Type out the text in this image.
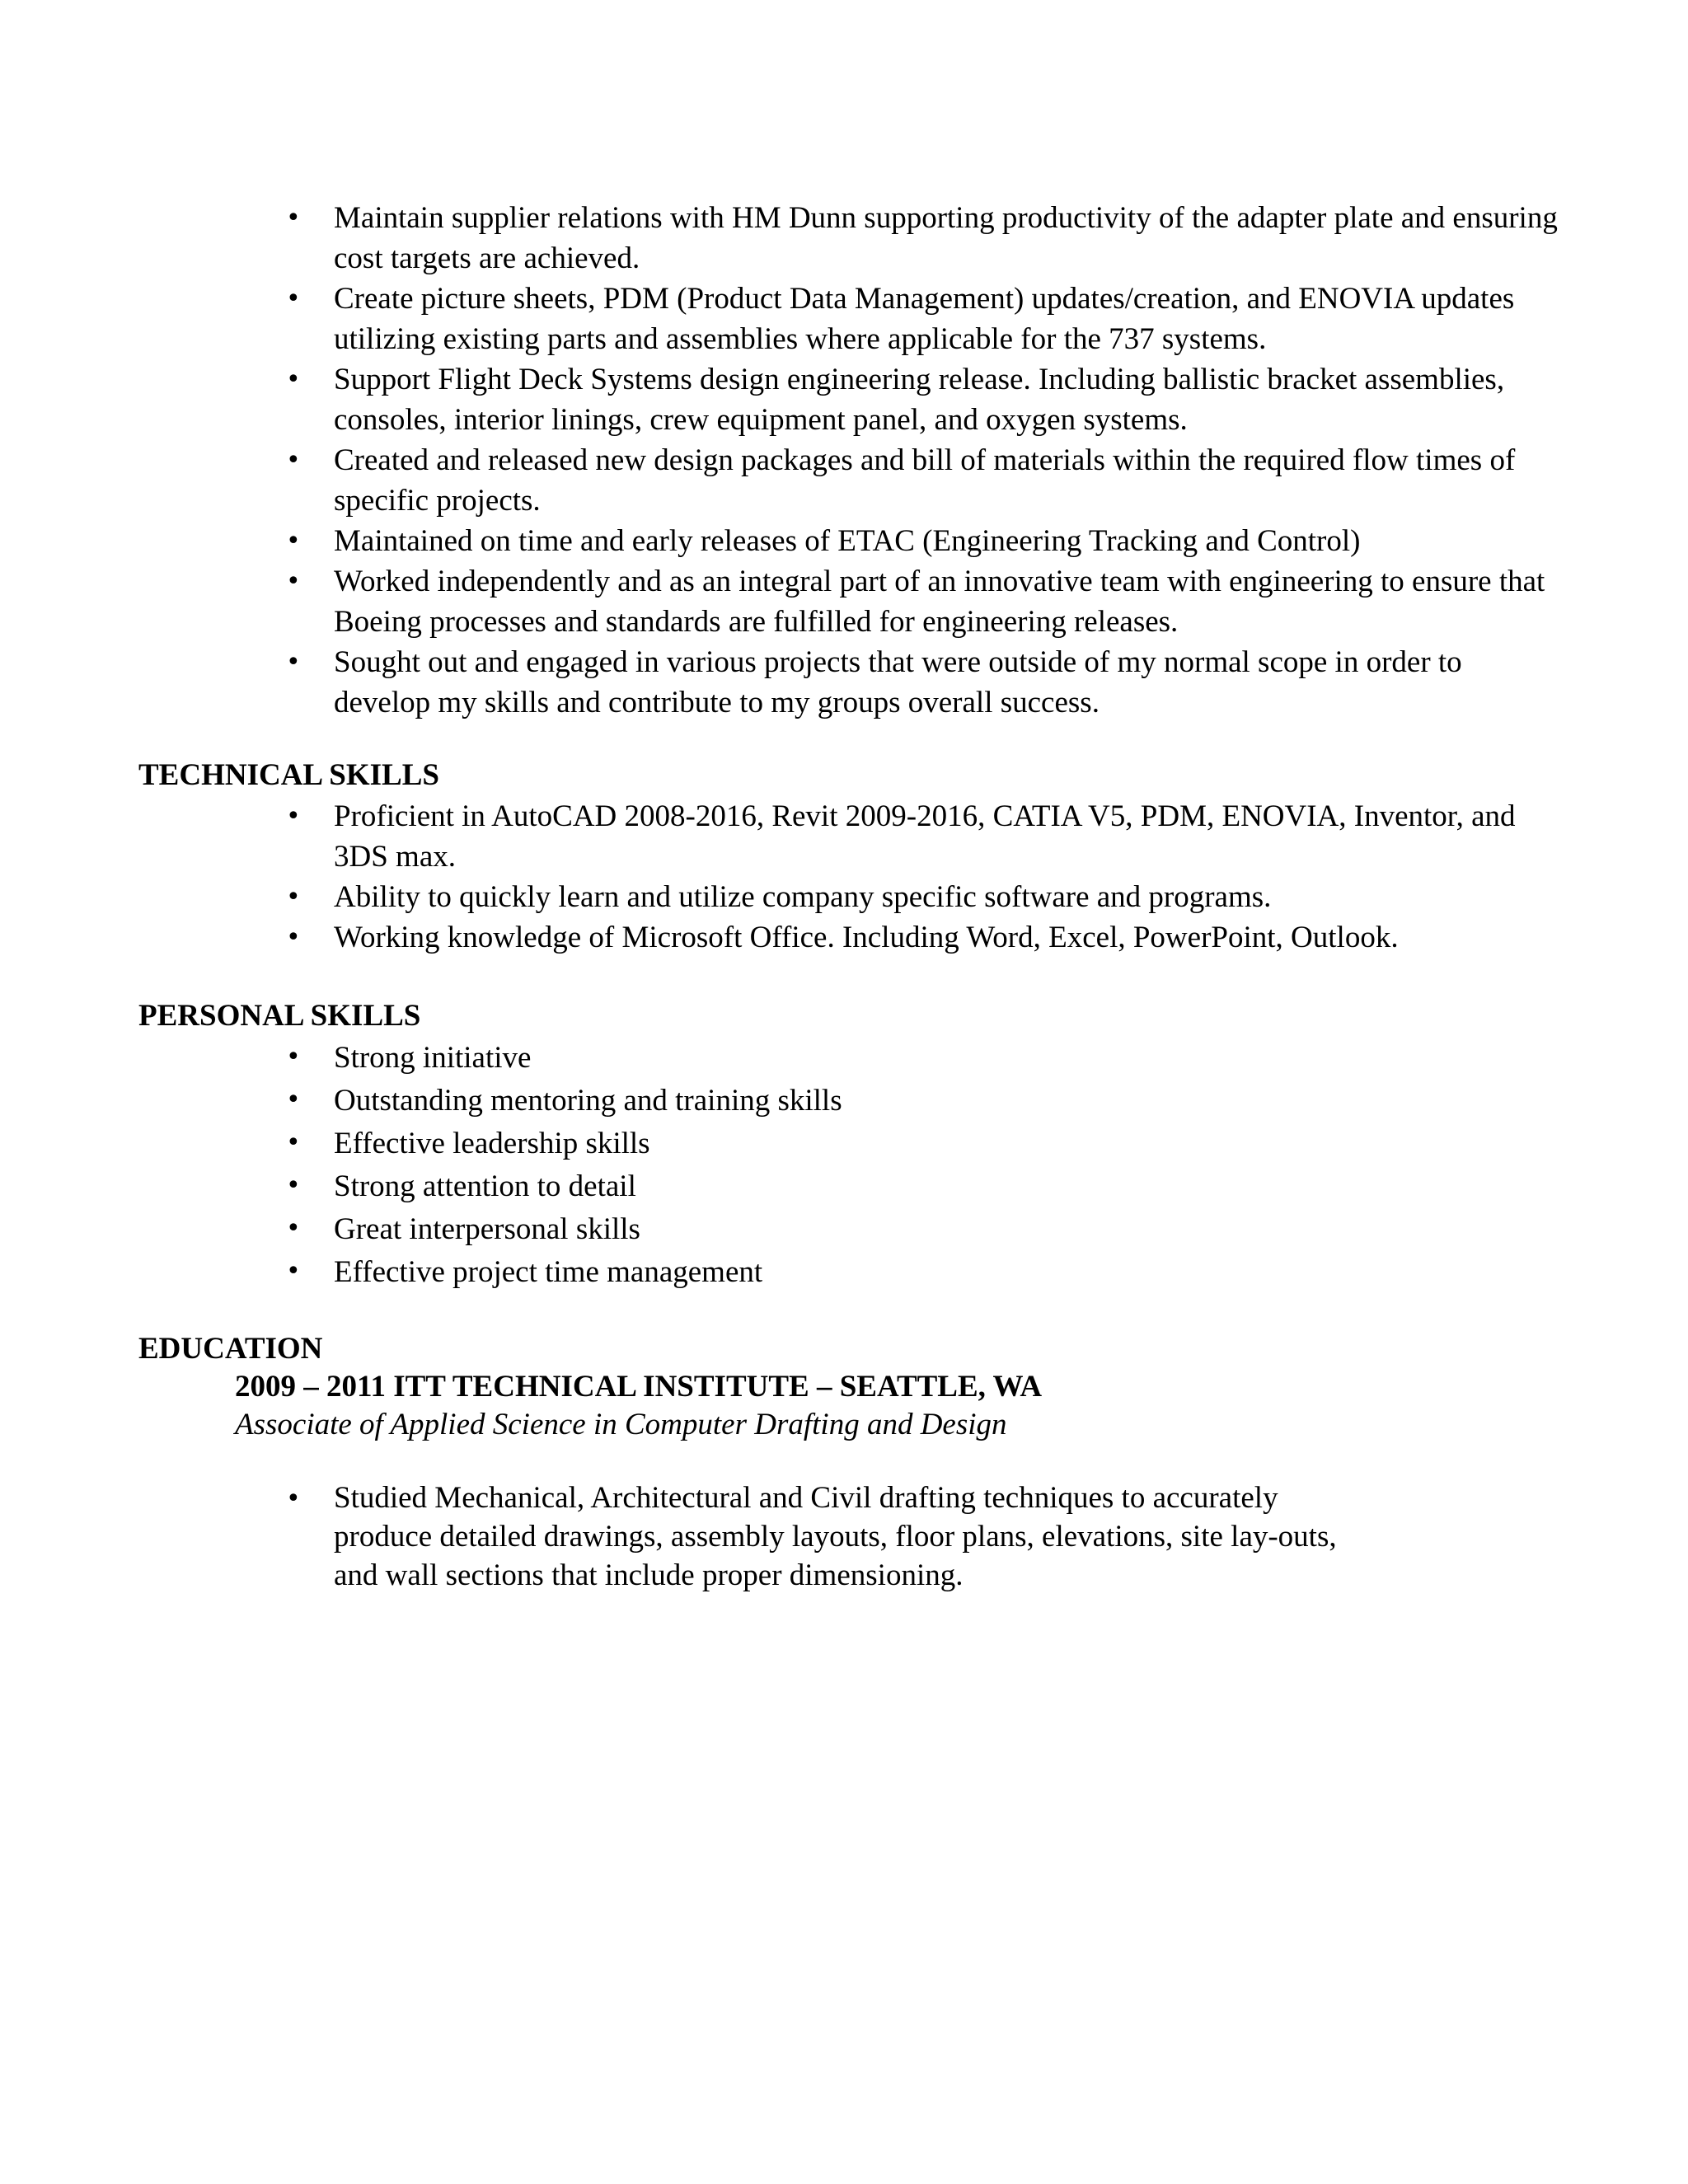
• Maintain supplier relations with HM Dunn supporting productivity of the adapter plate and ensuring cost targets are achieved.
• Create picture sheets, PDM (Product Data Management) updates/creation, and ENOVIA updates utilizing existing parts and assemblies where applicable for the 737 systems.
• Support Flight Deck Systems design engineering release. Including ballistic bracket assemblies, consoles, interior linings, crew equipment panel, and oxygen systems.
• Created and released new design packages and bill of materials within the required flow times of specific projects.
• Maintained on time and early releases of ETAC (Engineering Tracking and Control)
• Worked independently and as an integral part of an innovative team with engineering to ensure that Boeing processes and standards are fulfilled for engineering releases.
• Sought out and engaged in various projects that were outside of my normal scope in order to develop my skills and contribute to my groups overall success.
TECHNICAL SKILLS
• Proficient in AutoCAD 2008-2016, Revit 2009-2016, CATIA V5, PDM, ENOVIA, Inventor, and 3DS max.
• Ability to quickly learn and utilize company specific software and programs.
• Working knowledge of Microsoft Office. Including Word, Excel, PowerPoint, Outlook.
PERSONAL SKILLS
• Strong initiative
• Outstanding mentoring and training skills
• Effective leadership skills
• Strong attention to detail
• Great interpersonal skills
• Effective project time management
EDUCATION
2009 – 2011 ITT TECHNICAL INSTITUTE – SEATTLE, WA
Associate of Applied Science in Computer Drafting and Design
• Studied Mechanical, Architectural and Civil drafting techniques to accurately produce detailed drawings, assembly layouts, floor plans, elevations, site lay-outs, and wall sections that include proper dimensioning.
